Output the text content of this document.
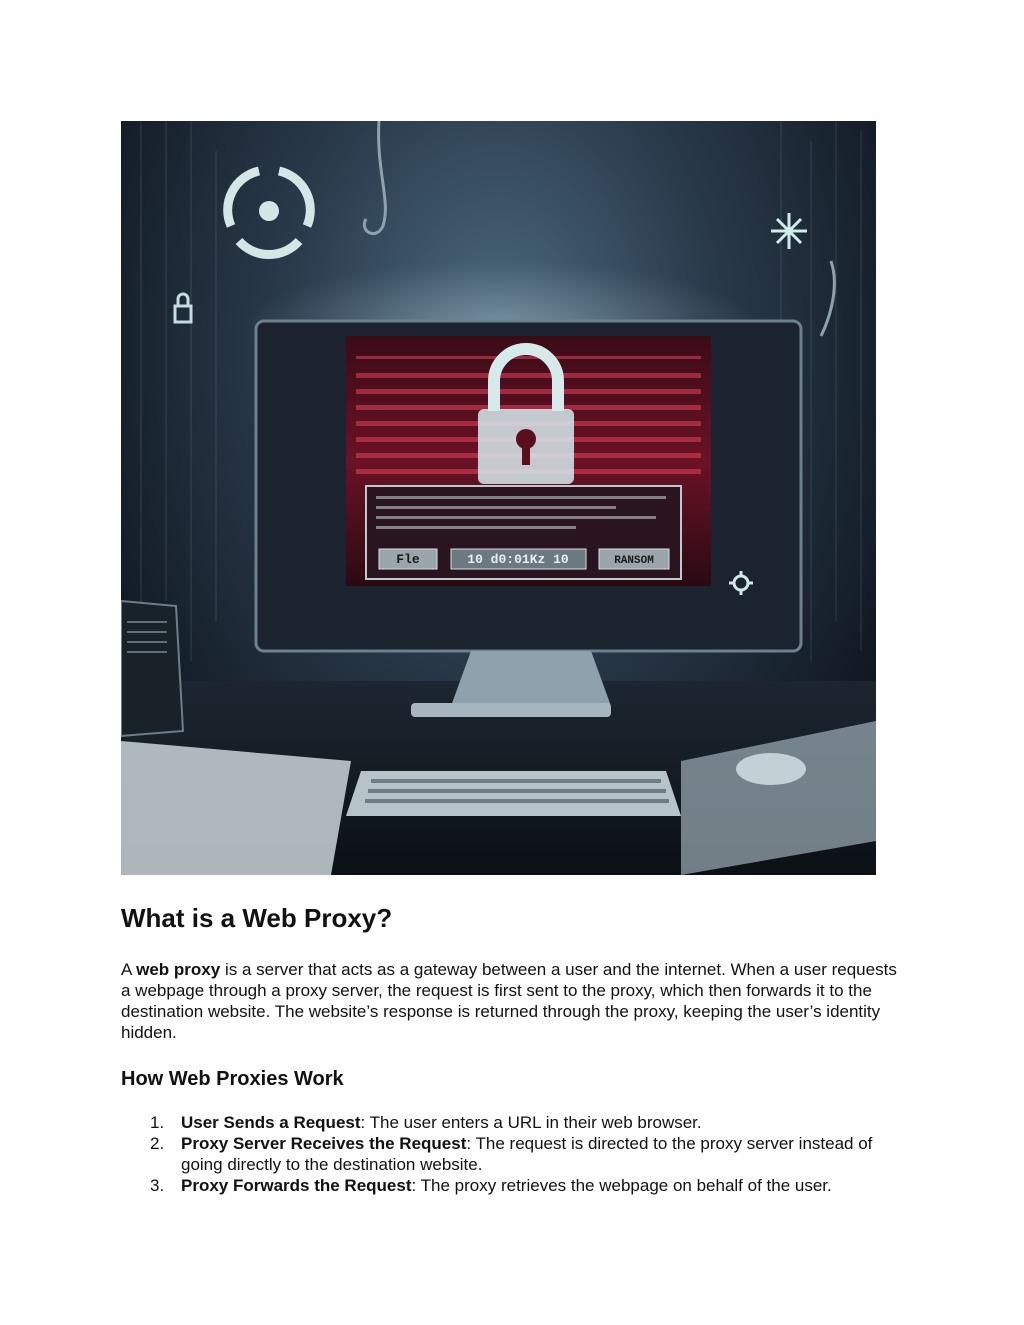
Fle	10 d0:01Kz 10	RANSOM
What is a Web Proxy?

A web proxy is a server that acts as a gateway between a user and the internet. When a user requests a webpage through a proxy server, the request is first sent to the proxy, which then forwards it to the destination website. The website’s response is returned through the proxy, keeping the user’s identity hidden.

How Web Proxies Work
1. User Sends a Request: The user enters a URL in their web browser.
2. Proxy Server Receives the Request: The request is directed to the proxy server instead of going directly to the destination website.
3. Proxy Forwards the Request: The proxy retrieves the webpage on behalf of the user.
